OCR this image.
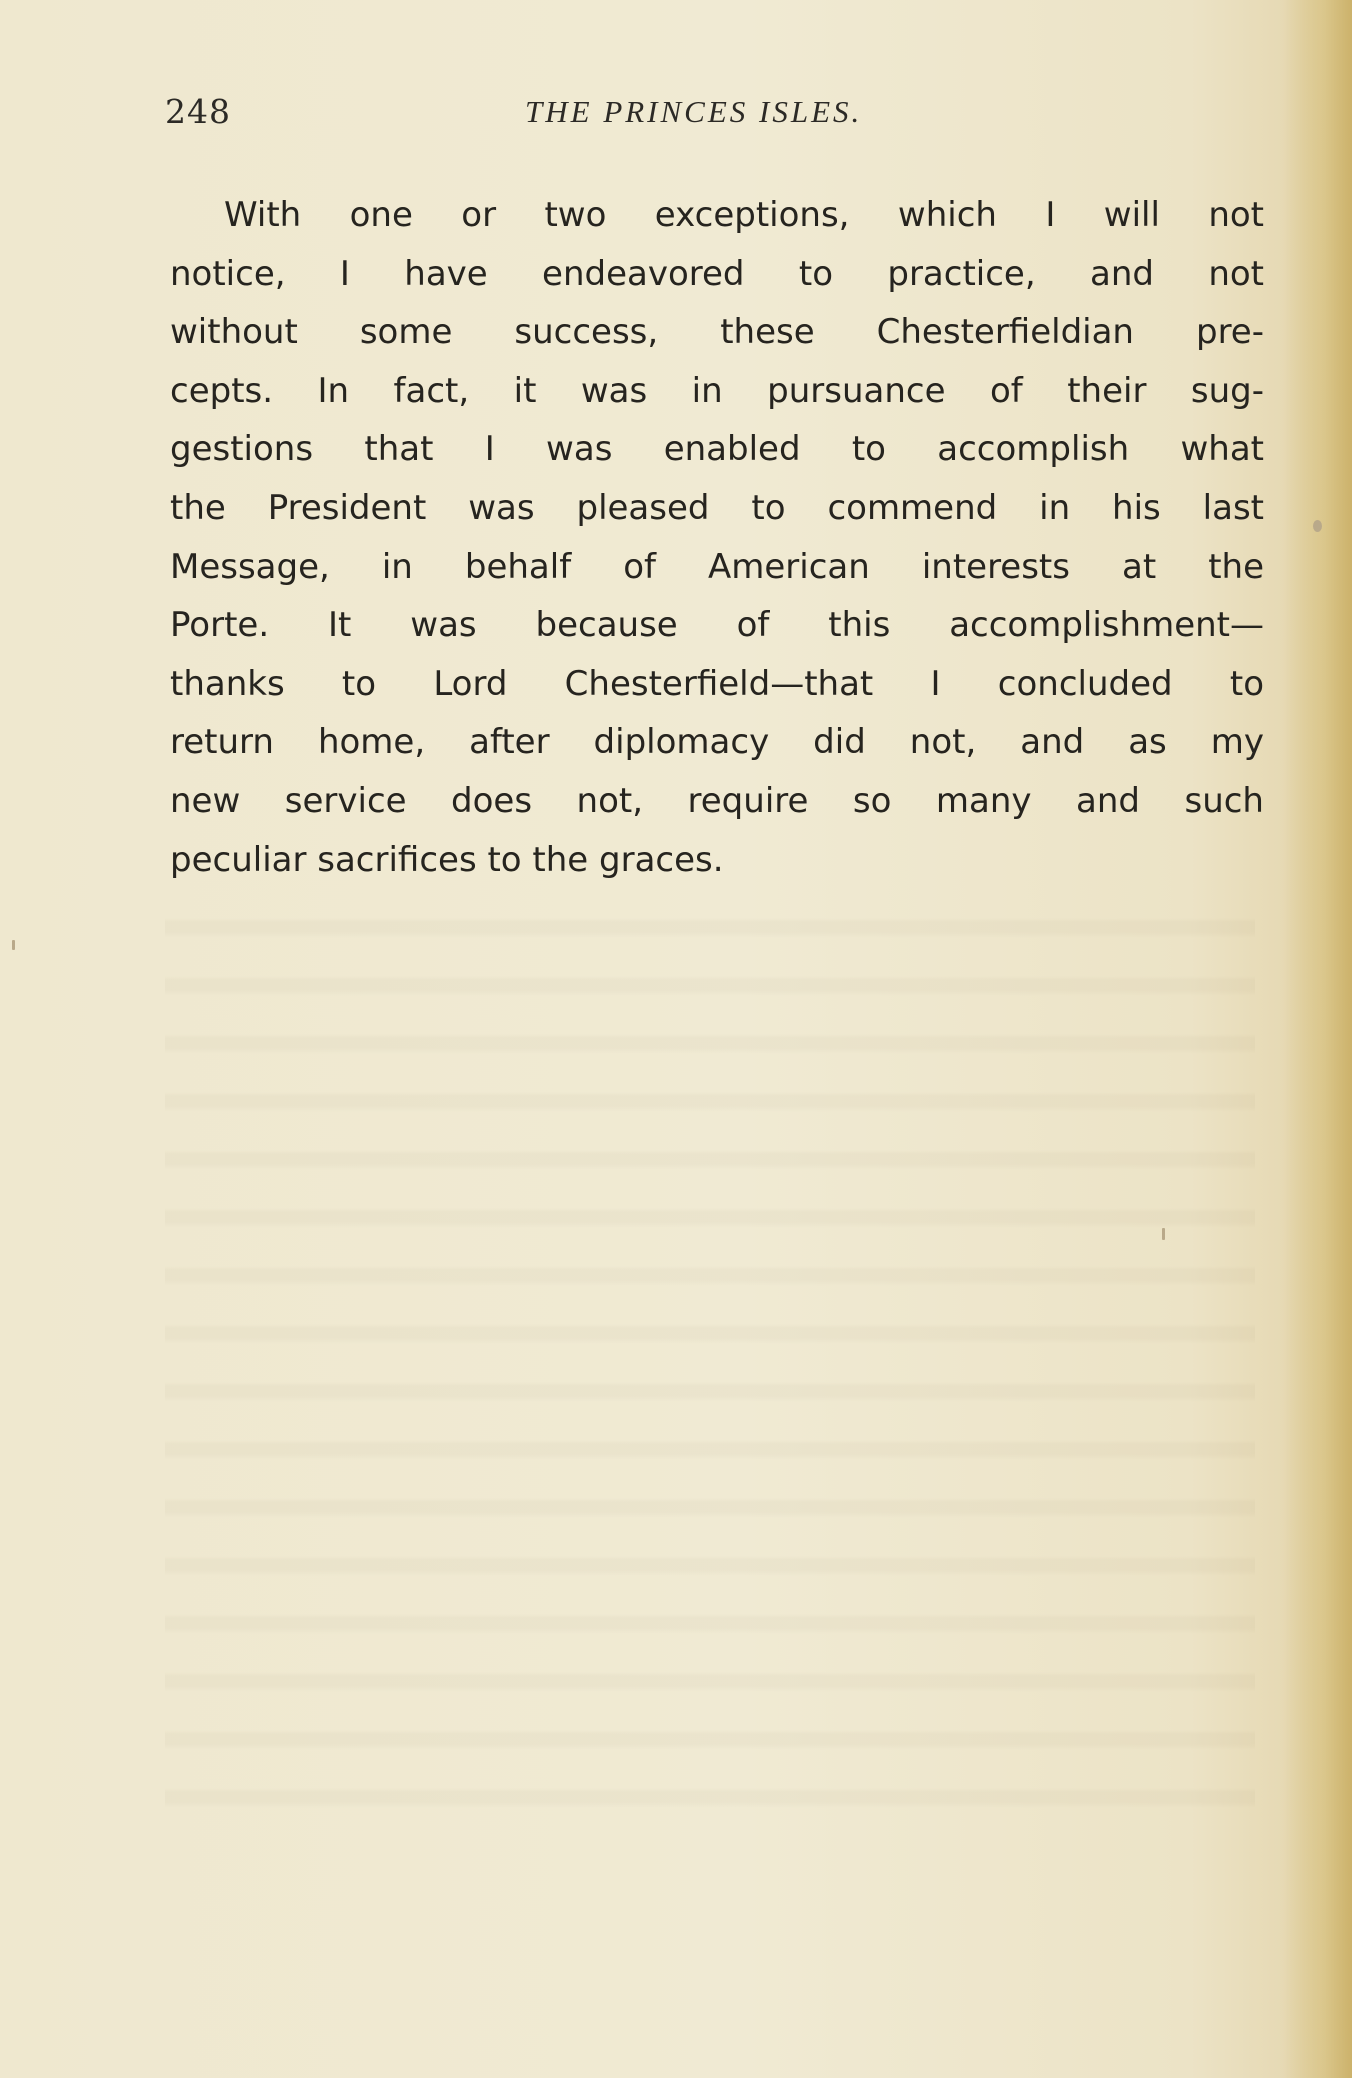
248	THE PRINCES ISLES.
With one or two exceptions, which I will not
notice, I have endeavored to practice, and not
without some success, these Chesterfieldian pre-
cepts. In fact, it was in pursuance of their sug-
gestions that I was enabled to accomplish what
the President was pleased to commend in his last
Message, in behalf of American interests at the
Porte. It was because of this accomplishment—
thanks to Lord Chesterfield—that I concluded to
return home, after diplomacy did not, and as my
new service does not, require so many and such
peculiar sacrifices to the graces.
